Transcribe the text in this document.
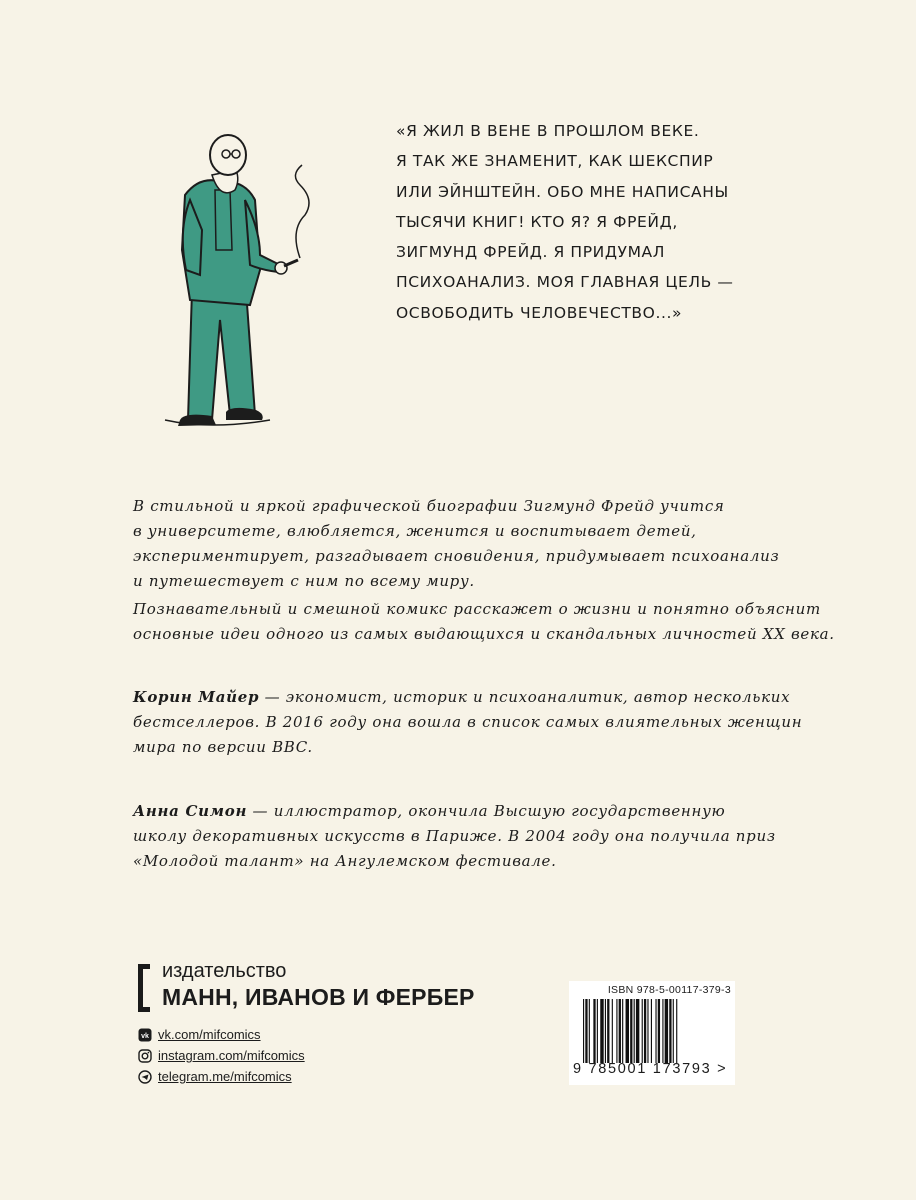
«Я ЖИЛ В ВЕНЕ В ПРОШЛОМ ВЕКЕ.
Я ТАК ЖЕ ЗНАМЕНИТ, КАК ШЕКСПИР
ИЛИ ЭЙНШТЕЙН. ОБО МНЕ НАПИСАНЫ
ТЫСЯЧИ КНИГ! КТО Я? Я ФРЕЙД,
ЗИГМУНД ФРЕЙД. Я ПРИДУМАЛ
ПСИХОАНАЛИЗ. МОЯ ГЛАВНАЯ ЦЕЛЬ —
ОСВОБОДИТЬ ЧЕЛОВЕЧЕСТВО...»
В стильной и яркой графической биографии Зигмунд Фрейд учится
в университете, влюбляется, женится и воспитывает детей,
экспериментирует, разгадывает сновидения, придумывает психоанализ
и путешествует с ним по всему миру.
Познавательный и смешной комикс расскажет о жизни и понятно объяснит
основные идеи одного из самых выдающихся и скандальных личностей XX века.
Корин Майер — экономист, историк и психоаналитик, автор нескольких
бестселлеров. В 2016 году она вошла в список самых влиятельных женщин
мира по версии BBC.
Анна Симон — иллюстратор, окончила Высшую государственную
школу декоративных искусств в Париже. В 2004 году она получила приз
«Молодой талант» на Ангулемском фестивале.
издательство
МАНН, ИВАНОВ И ФЕРБЕР
vk vk.com/mifcomics
instagram.com/mifcomics
telegram.me/mifcomics
ISBN 978-5-00117-379-3
9 785001 173793 >
